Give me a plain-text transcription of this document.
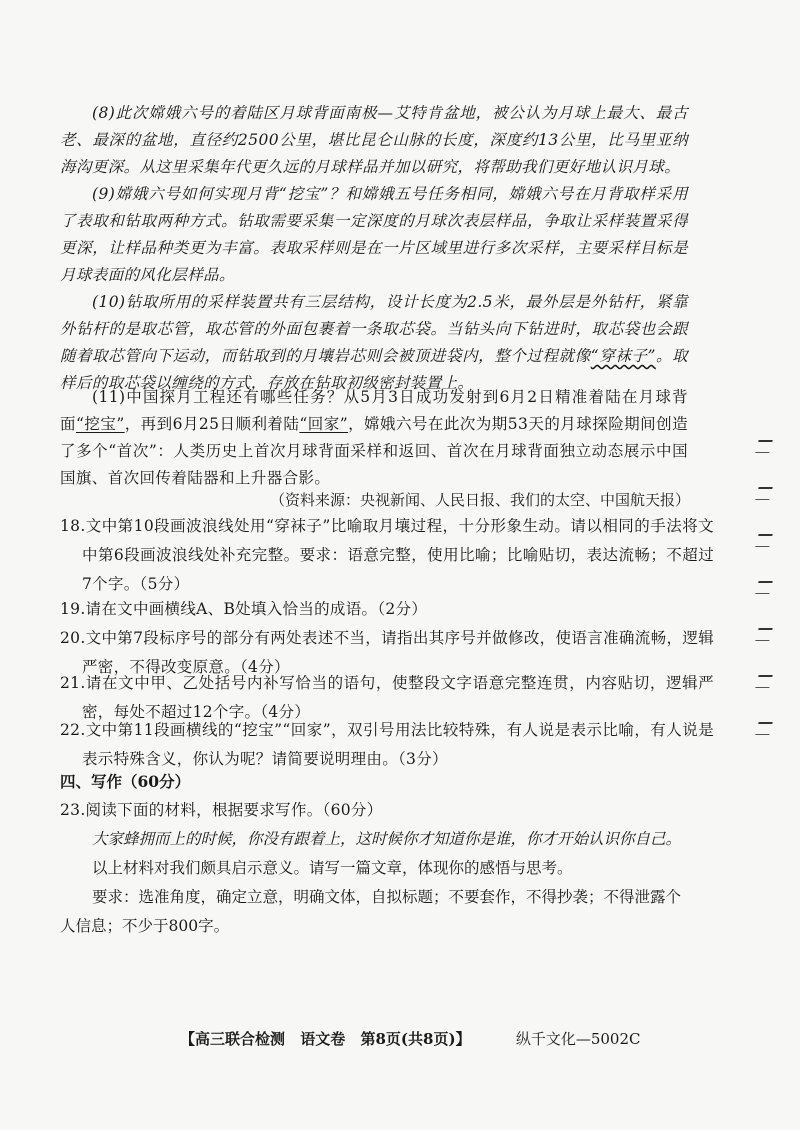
(8)此次嫦娥六号的着陆区月球背面南极—艾特肯盆地，被公认为月球上最大、最古老、最深的盆地，直径约2500公里，堪比昆仑山脉的长度，深度约13公里，比马里亚纳海沟更深。从这里采集年代更久远的月球样品并加以研究，将帮助我们更好地认识月球。

(9)嫦娥六号如何实现月背“挖宝”？和嫦娥五号任务相同，嫦娥六号在月背取样采用了表取和钻取两种方式。钻取需要采集一定深度的月球次表层样品，争取让采样装置采得更深，让样品种类更为丰富。表取采样则是在一片区域里进行多次采样，主要采样目标是月球表面的风化层样品。

(10)钻取所用的采样装置共有三层结构，设计长度为2.5米，最外层是外钻杆，紧靠外钻杆的是取芯管，取芯管的外面包裹着一条取芯袋。当钻头向下钻进时，取芯袋也会跟随着取芯管向下运动，而钻取到的月壤岩芯则会被顶进袋内，整个过程就像“穿袜子”。取样后的取芯袋以缠绕的方式，存放在钻取初级密封装置上。

(11)中国探月工程还有哪些任务？从5月3日成功发射到6月2日精准着陆在月球背面“挖宝”，再到6月25日顺利着陆“回家”，嫦娥六号在此次为期53天的月球探险期间创造了多个“首次”：人类历史上首次月球背面采样和返回、首次在月球背面独立动态展示中国国旗、首次回传着陆器和上升器合影。

（资料来源：央视新闻、人民日报、我们的太空、中国航天报）

18.文中第10段画波浪线处用“穿袜子”比喻取月壤过程，十分形象生动。请以相同的手法将文中第6段画波浪线处补充完整。要求：语意完整，使用比喻；比喻贴切，表达流畅；不超过7个字。（5分）

19.请在文中画横线A、B处填入恰当的成语。（2分）

20.文中第7段标序号的部分有两处表述不当，请指出其序号并做修改，使语言准确流畅，逻辑严密，不得改变原意。（4分）

21.请在文中甲、乙处括号内补写恰当的语句，使整段文字语意完整连贯，内容贴切，逻辑严密，每处不超过12个字。（4分）

22.文中第11段画横线的“挖宝”“回家”，双引号用法比较特殊，有人说是表示比喻，有人说是表示特殊含义，你认为呢？请简要说明理由。（3分）

四、写作（60分）

23.阅读下面的材料，根据要求写作。（60分）

大家蜂拥而上的时候，你没有跟着上，这时候你才知道你是谁，你才开始认识你自己。

以上材料对我们颇具启示意义。请写一篇文章，体现你的感悟与思考。

要求：选准角度，确定立意，明确文体，自拟标题；不要套作，不得抄袭；不得泄露个人信息；不少于800字。

【高三联合检测 语文卷 第8页(共8页)】	纵千文化—5002C
